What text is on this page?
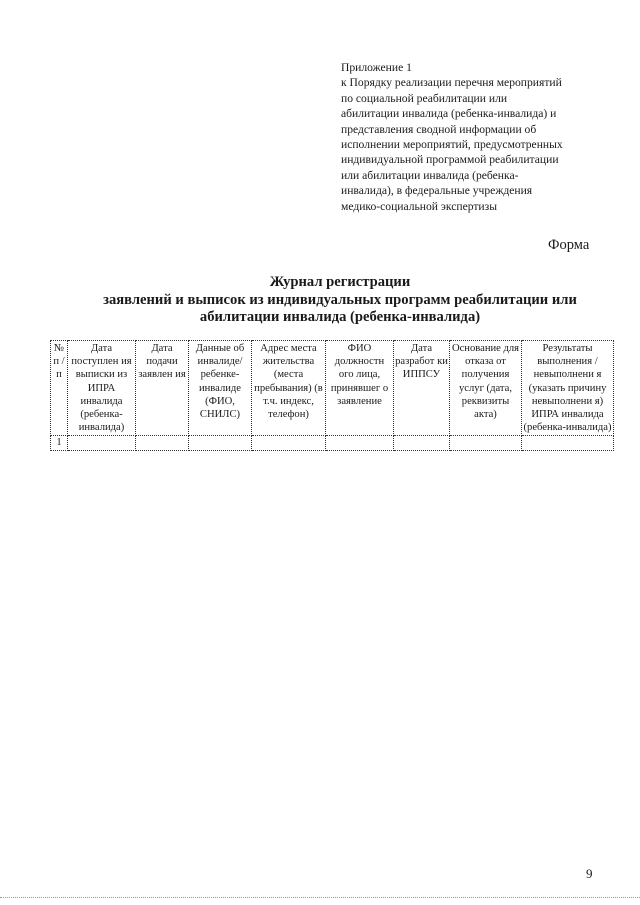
Приложение 1
к Порядку реализации перечня мероприятий
по социальной реабилитации или
абилитации инвалида (ребенка-инвалида) и
представления сводной информации об
исполнении мероприятий, предусмотренных
индивидуальной программой реабилитации
или абилитации инвалида (ребенка-
инвалида), в федеральные учреждения
медико-социальной экспертизы
Форма
Журнал регистрации
заявлений и выписок из индивидуальных программ реабилитации или
абилитации инвалида (ребенка-инвалида)
№ п / п	Дата поступлен ия выписки из ИПРА инвалида (ребенка-инвалида)	Дата подачи заявлен ия	Данные об инвалиде/ ребенке-инвалиде (ФИО, СНИЛС)	Адрес места жительства (места пребывания) (в т.ч. индекс, телефон)	ФИО должностн ого лица, принявшег о заявление	Дата разработ ки ИППСУ	Основание для отказа от получения услуг (дата, реквизиты акта)	Результаты выполнения /невыполнени я (указать причину невыполнени я) ИПРА инвалида (ребенка-инвалида)
1								
9
